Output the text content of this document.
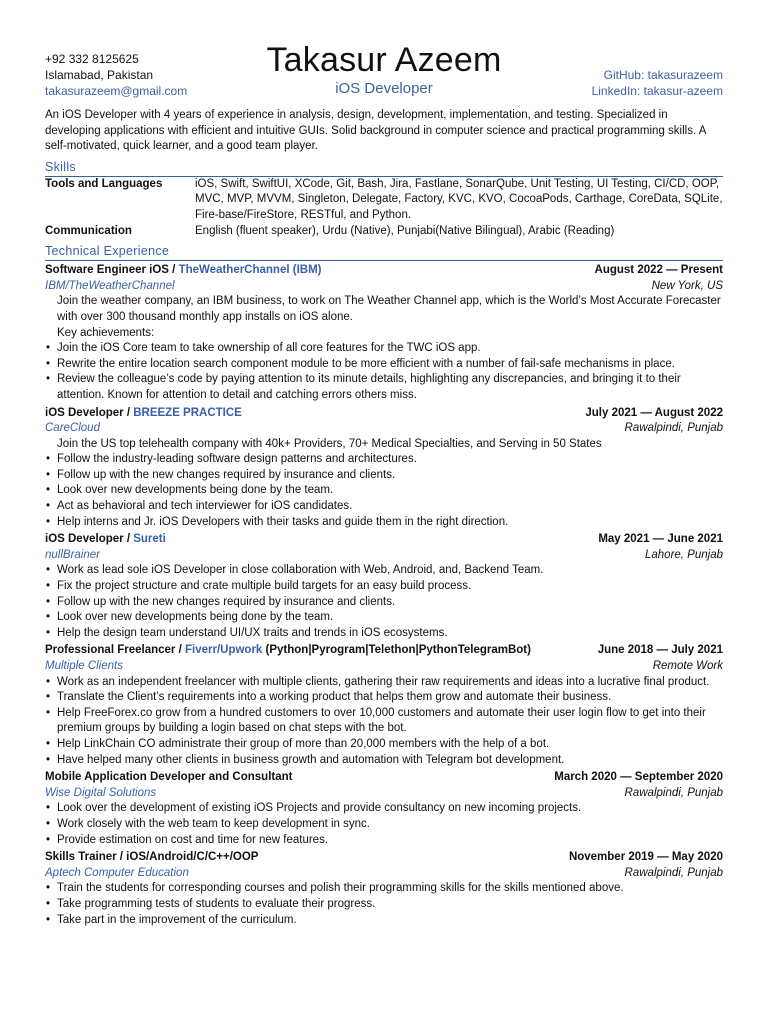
+92 332 8125625
Islamabad, Pakistan
takasurazeem@gmail.com
Takasur Azeem
iOS Developer
GitHub: takasurazeem
LinkedIn: takasur-azeem

An iOS Developer with 4 years of experience in analysis, design, development, implementation, and testing. Specialized in developing applications with efficient and intuitive GUIs. Solid background in computer science and practical programming skills. A self-motivated, quick learner, and a good team player.

Skills
Tools and Languages	iOS, Swift, SwiftUI, XCode, Git, Bash, Jira, Fastlane, SonarQube, Unit Testing, UI Testing, CI/CD, OOP, MVC, MVP, MVVM, Singleton, Delegate, Factory, KVC, KVO, CocoaPods, Carthage, CoreData, SQLite, Fire-base/FireStore, RESTful, and Python.
Communication	English (fluent speaker), Urdu (Native), Punjabi(Native Bilingual), Arabic (Reading)
Technical Experience
Software Engineer iOS / TheWeatherChannel (IBM)	August 2022 — Present
IBM/TheWeatherChannel	New York, US
Join the weather company, an IBM business, to work on The Weather Channel app, which is the World’s Most Accurate Forecaster with over 300 thousand monthly app installs on iOS alone.
Key achievements:
• Join the iOS Core team to take ownership of all core features for the TWC iOS app.
• Rewrite the entire location search component module to be more efficient with a number of fail-safe mechanisms in place.
• Review the colleague’s code by paying attention to its minute details, highlighting any discrepancies, and bringing it to their attention. Known for attention to detail and catching errors others miss.
iOS Developer / BREEZE PRACTICE	July 2021 — August 2022
CareCloud	Rawalpindi, Punjab
Join the US top telehealth company with 40k+ Providers, 70+ Medical Specialties, and Serving in 50 States
• Follow the industry-leading software design patterns and architectures.
• Follow up with the new changes required by insurance and clients.
• Look over new developments being done by the team.
• Act as behavioral and tech interviewer for iOS candidates.
• Help interns and Jr. iOS Developers with their tasks and guide them in the right direction.
iOS Developer / Sureti	May 2021 — June 2021
nullBrainer	Lahore, Punjab
• Work as lead sole iOS Developer in close collaboration with Web, Android, and, Backend Team.
• Fix the project structure and crate multiple build targets for an easy build process.
• Follow up with the new changes required by insurance and clients.
• Look over new developments being done by the team.
• Help the design team understand UI/UX traits and trends in iOS ecosystems.
Professional Freelancer / Fiverr/Upwork (Python|Pyrogram|Telethon|PythonTelegramBot)	June 2018 — July 2021
Multiple Clients	Remote Work
• Work as an independent freelancer with multiple clients, gathering their raw requirements and ideas into a lucrative final product.
• Translate the Client’s requirements into a working product that helps them grow and automate their business.
• Help FreeForex.co grow from a hundred customers to over 10,000 customers and automate their user login flow to get into their premium groups by building a login based on chat steps with the bot.
• Help LinkChain CO administrate their group of more than 20,000 members with the help of a bot.
• Have helped many other clients in business growth and automation with Telegram bot development.
Mobile Application Developer and Consultant	March 2020 — September 2020
Wise Digital Solutions	Rawalpindi, Punjab
• Look over the development of existing iOS Projects and provide consultancy on new incoming projects.
• Work closely with the web team to keep development in sync.
• Provide estimation on cost and time for new features.
Skills Trainer / iOS/Android/C/C++/OOP	November 2019 — May 2020
Aptech Computer Education	Rawalpindi, Punjab
• Train the students for corresponding courses and polish their programming skills for the skills mentioned above.
• Take programming tests of students to evaluate their progress.
• Take part in the improvement of the curriculum.
